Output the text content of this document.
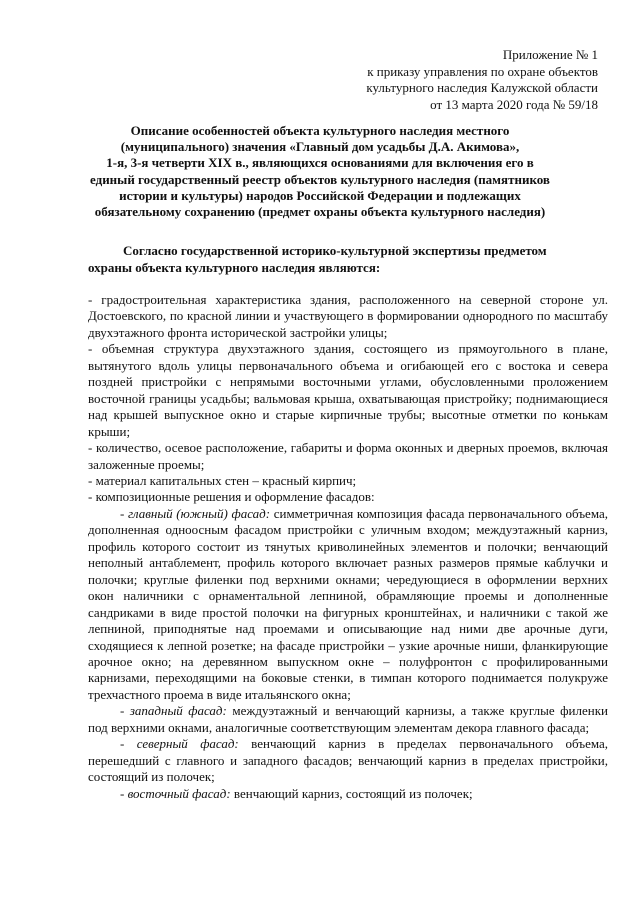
Приложение № 1
к приказу управления по охране объектов
культурного наследия Калужской области
от 13 марта 2020 года № 59/18
Описание особенностей объекта культурного наследия местного
(муниципального) значения «Главный дом усадьбы Д.А. Акимова»,
1-я, 3-я четверти XIX в., являющихся основаниями для включения его в
единый государственный реестр объектов культурного наследия (памятников
истории и культуры) народов Российской Федерации и подлежащих
обязательному сохранению (предмет охраны объекта культурного наследия)
Согласно государственной историко-культурной экспертизы предметом
охраны объекта культурного наследия являются:

- градостроительная характеристика здания, расположенного на северной стороне ул. Достоевского, по красной линии и участвующего в формировании однородного по масштабу двухэтажного фронта исторической застройки улицы;

- объемная структура двухэтажного здания, состоящего из прямоугольного в плане, вытянутого вдоль улицы первоначального объема и огибающей его с востока и севера поздней пристройки с непрямыми восточными углами, обусловленными проложением восточной границы усадьбы; вальмовая крыша, охватывающая пристройку; поднимающиеся над крышей выпускное окно и старые кирпичные трубы; высотные отметки по конькам крыши;

- количество, осевое расположение, габариты и форма оконных и дверных проемов, включая заложенные проемы;

- материал капитальных стен – красный кирпич;

- композиционные решения и оформление фасадов:

- главный (южный) фасад: симметричная композиция фасада первоначального объема, дополненная одноосным фасадом пристройки с уличным входом; междуэтажный карниз, профиль которого состоит из тянутых криволинейных элементов и полочки; венчающий неполный антаблемент, профиль которого включает разных размеров прямые каблучки и полочки; круглые филенки под верхними окнами; чередующиеся в оформлении верхних окон наличники с орнаментальной лепниной, обрамляющие проемы и дополненные сандриками в виде простой полочки на фигурных кронштейнах, и наличники с такой же лепниной, приподнятые над проемами и описывающие над ними две арочные дуги, сходящиеся к лепной розетке; на фасаде пристройки – узкие арочные ниши, фланкирующие арочное окно; на деревянном выпускном окне – полуфронтон с профилированными карнизами, переходящими на боковые стенки, в тимпан которого поднимается полукруже трехчастного проема в виде итальянского окна;

- западный фасад: междуэтажный и венчающий карнизы, а также круглые филенки под верхними окнами, аналогичные соответствующим элементам декора главного фасада;

- северный фасад: венчающий карниз в пределах первоначального объема, перешедший с главного и западного фасадов; венчающий карниз в пределах пристройки, состоящий из полочек;

- восточный фасад: венчающий карниз, состоящий из полочек;
